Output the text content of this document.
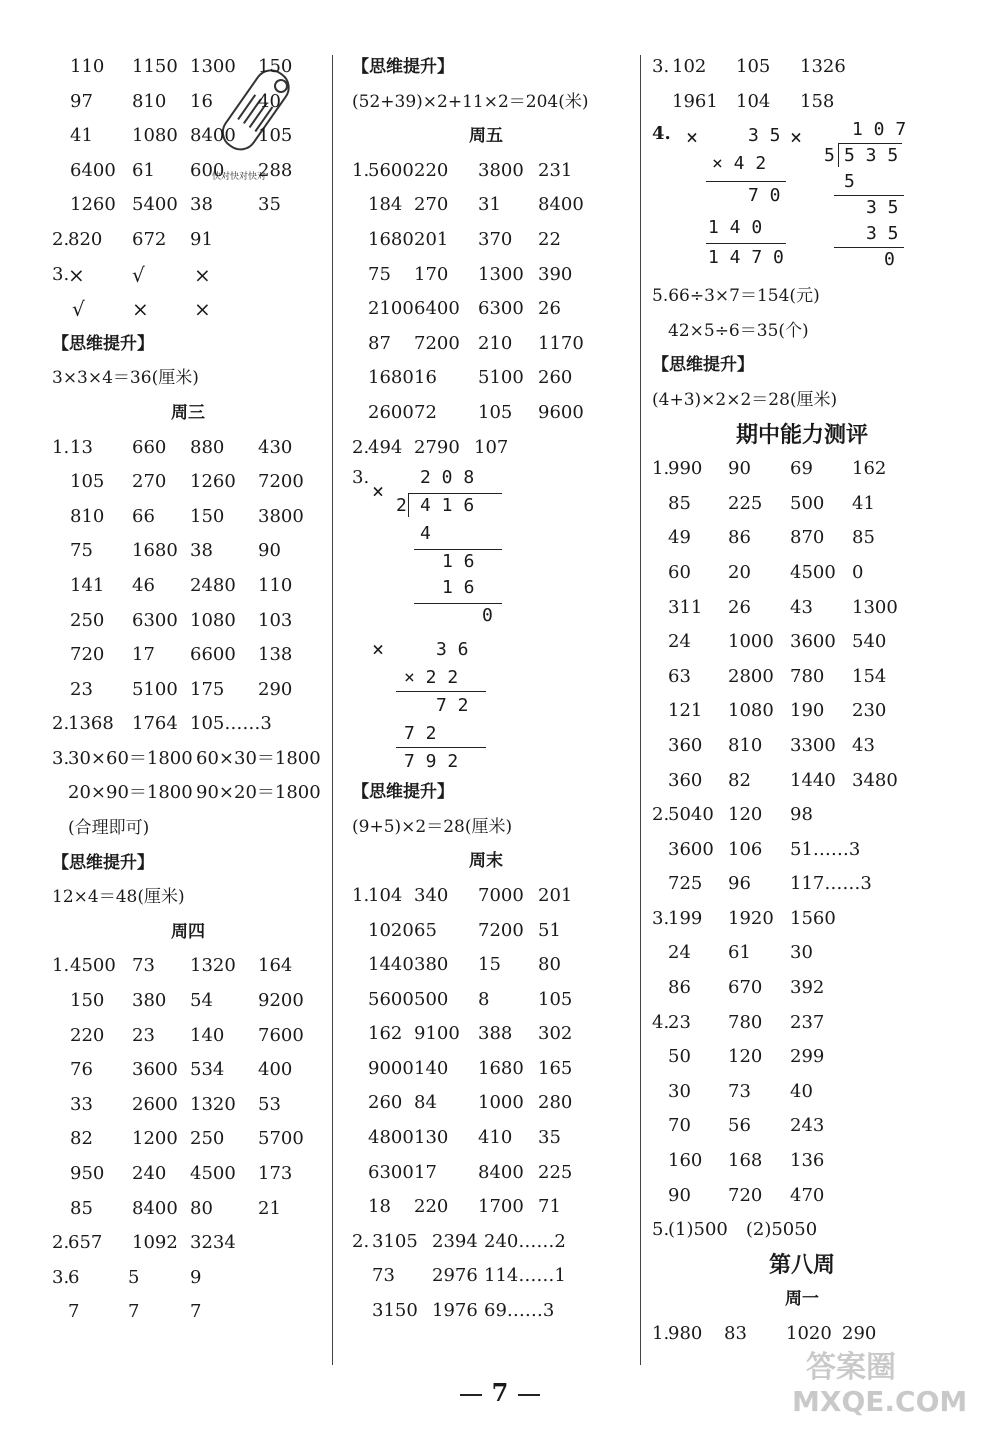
快对快对快对
110 1150 1300 150
97 810 16	40
41 1080 8400 105
6400 61 600 288
1260 5400 38	35
2.
820 672 91
3.
× √ ×
√ × ×
【思维提升】
3×3×4＝36(厘米)
周三
1. 13 660 880 430
105 270 1260 7200
810 66 150 3800
75 1680 38	90
141 46 2480 110
250 6300 1080 103
720 17 6600 138
23 5100 175 290
2.
1368 1764 105……3
3.
30×60＝1800 60×30＝1800
20×90＝1800 90×20＝1800
(合理即可)
【思维提升】
12×4＝48(厘米)
周四
1. 4500 73 1320 164
150 380 54	9200
220 23 140 7600
76 3600 534 400
33 2600 1320 53
82 1200 250 5700
950 240 4500 173
85 8400 80	21
2.
657 1092 3234
3.
6	5	9
7	7	7
【思维提升】
(52+39)×2+11×2＝204(米)
周五
1.
5600 220 3800 231
184 270 31 8400
1680 201 370 22
75 170 1300 390
2100 6400 6300 26
87 7200 210 1170
1680 16 5100 260
2600 72 105 9600
2.
494 2790 107
3.
×
2 0 8
2 4 1 6
4
1 6
1 6
0
×	3 6
× 2 2
7 2
7 2
7 9 2
【思维提升】
(9+5)×2＝28(厘米)
周末
1.
104 340 7000 201
1020 65 7200 51
1440 380 15 80
5600 500 8	105
162 9100 388 302
9000 140 1680 165
260 84 1000 280
4800 130 410 35
6300 17 8400 225
18 220 1700 71
2. 3105 2394 240……2
73 2976 114……1
3150 1976 69……3
3. 102 105 1326
1961 104 158
4. ×	3 5 ×
× 4 2
7 0
1 4 0
1 4 7 0
1 0 7
5 5 3 5
5
3 5
3 5
0
5.66÷3×7＝154(元)
42×5÷6＝35(个)
【思维提升】
(4+3)×2×2＝28(厘米)
期中能力测评
1.
990 90 69 162
85 225 500 41
49 86 870 85
60 20 4500 0
311 26 43 1300
24 1000 3600 540
63 2800 780 154
121 1080 190 230
360 810 3300 43
360 82 1440 3480
2.
5040 120 98
3600 106 51……3
725 96 117……3
3.
199 1920 1560
24 61 30
86 670 392
4.
23 780 237
50 120 299
30 73 40
70 56 243
160 168 136
90 720 470
5.
(1)500　(2)5050
第八周
周一
1.
980 83 1020 290
7
答案圈
MXQE.COM
